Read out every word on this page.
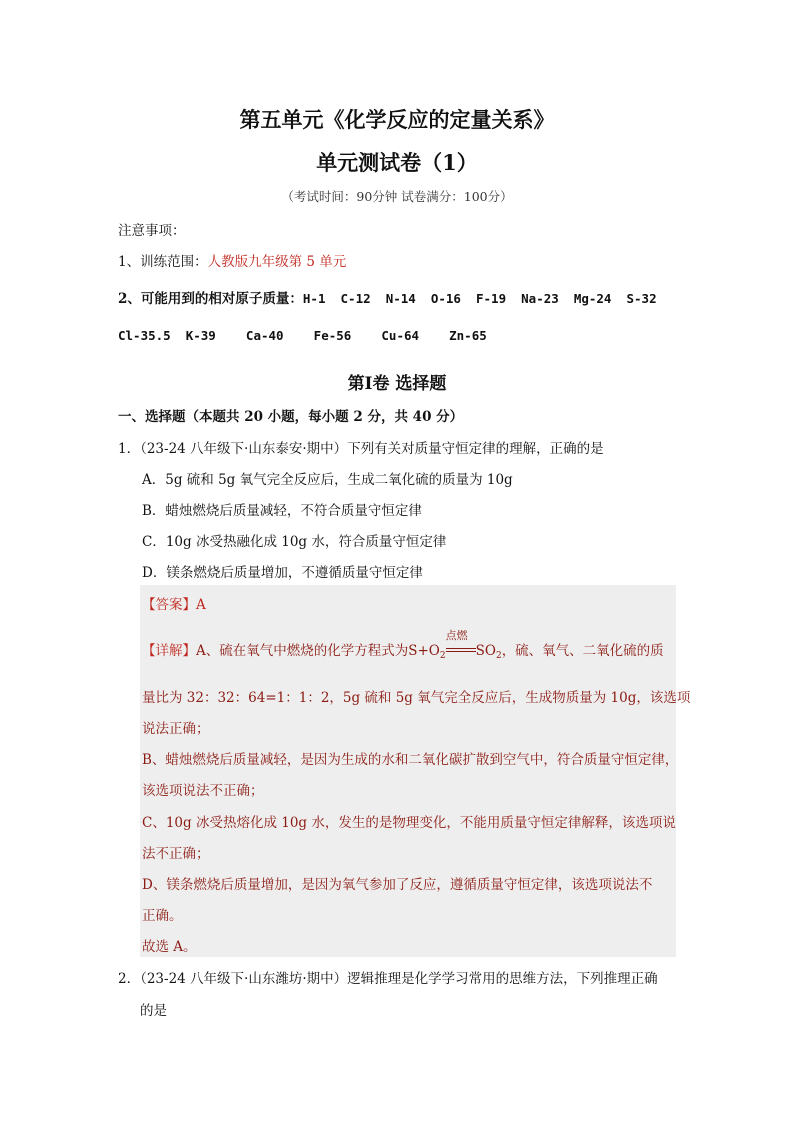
第五单元《化学反应的定量关系》
单元测试卷（1）
（考试时间：90分钟 试卷满分：100分）
注意事项：
1、训练范围：人教版九年级第 5 单元
2、可能用到的相对原子质量：H-1  C-12  N-14  O-16  F-19  Na-23  Mg-24  S-32
Cl-35.5  K-39    Ca-40    Fe-56    Cu-64    Zn-65
第Ⅰ卷 选择题
一、选择题（本题共 20 小题，每小题 2 分，共 40 分）
1．（23-24 八年级下·山东泰安·期中）下列有关对质量守恒定律的理解，正确的是
A．5g 硫和 5g 氧气完全反应后，生成二氧化硫的质量为 10g
B．蜡烛燃烧后质量减轻，不符合质量守恒定律
C．10g 冰受热融化成 10g 水，符合质量守恒定律
D．镁条燃烧后质量增加，不遵循质量守恒定律
【答案】A
【详解】A、硫在氧气中燃烧的化学方程式为$S+O_2$
点燃
$SO_2$，硫、氧气、二氧化硫的质
量比为 32：32：64=1：1：2，5g 硫和 5g 氧气完全反应后，生成物质量为 10g，该选项
说法正确；
B、蜡烛燃烧后质量减轻，是因为生成的水和二氧化碳扩散到空气中，符合质量守恒定律，
该选项说法不正确；
C、10g 冰受热熔化成 10g 水，发生的是物理变化，不能用质量守恒定律解释，该选项说
法不正确；
D、镁条燃烧后质量增加，是因为氧气参加了反应，遵循质量守恒定律，该选项说法不
正确。
故选 A。
2．（23-24 八年级下·山东潍坊·期中）逻辑推理是化学学习常用的思维方法，下列推理正确
的是
